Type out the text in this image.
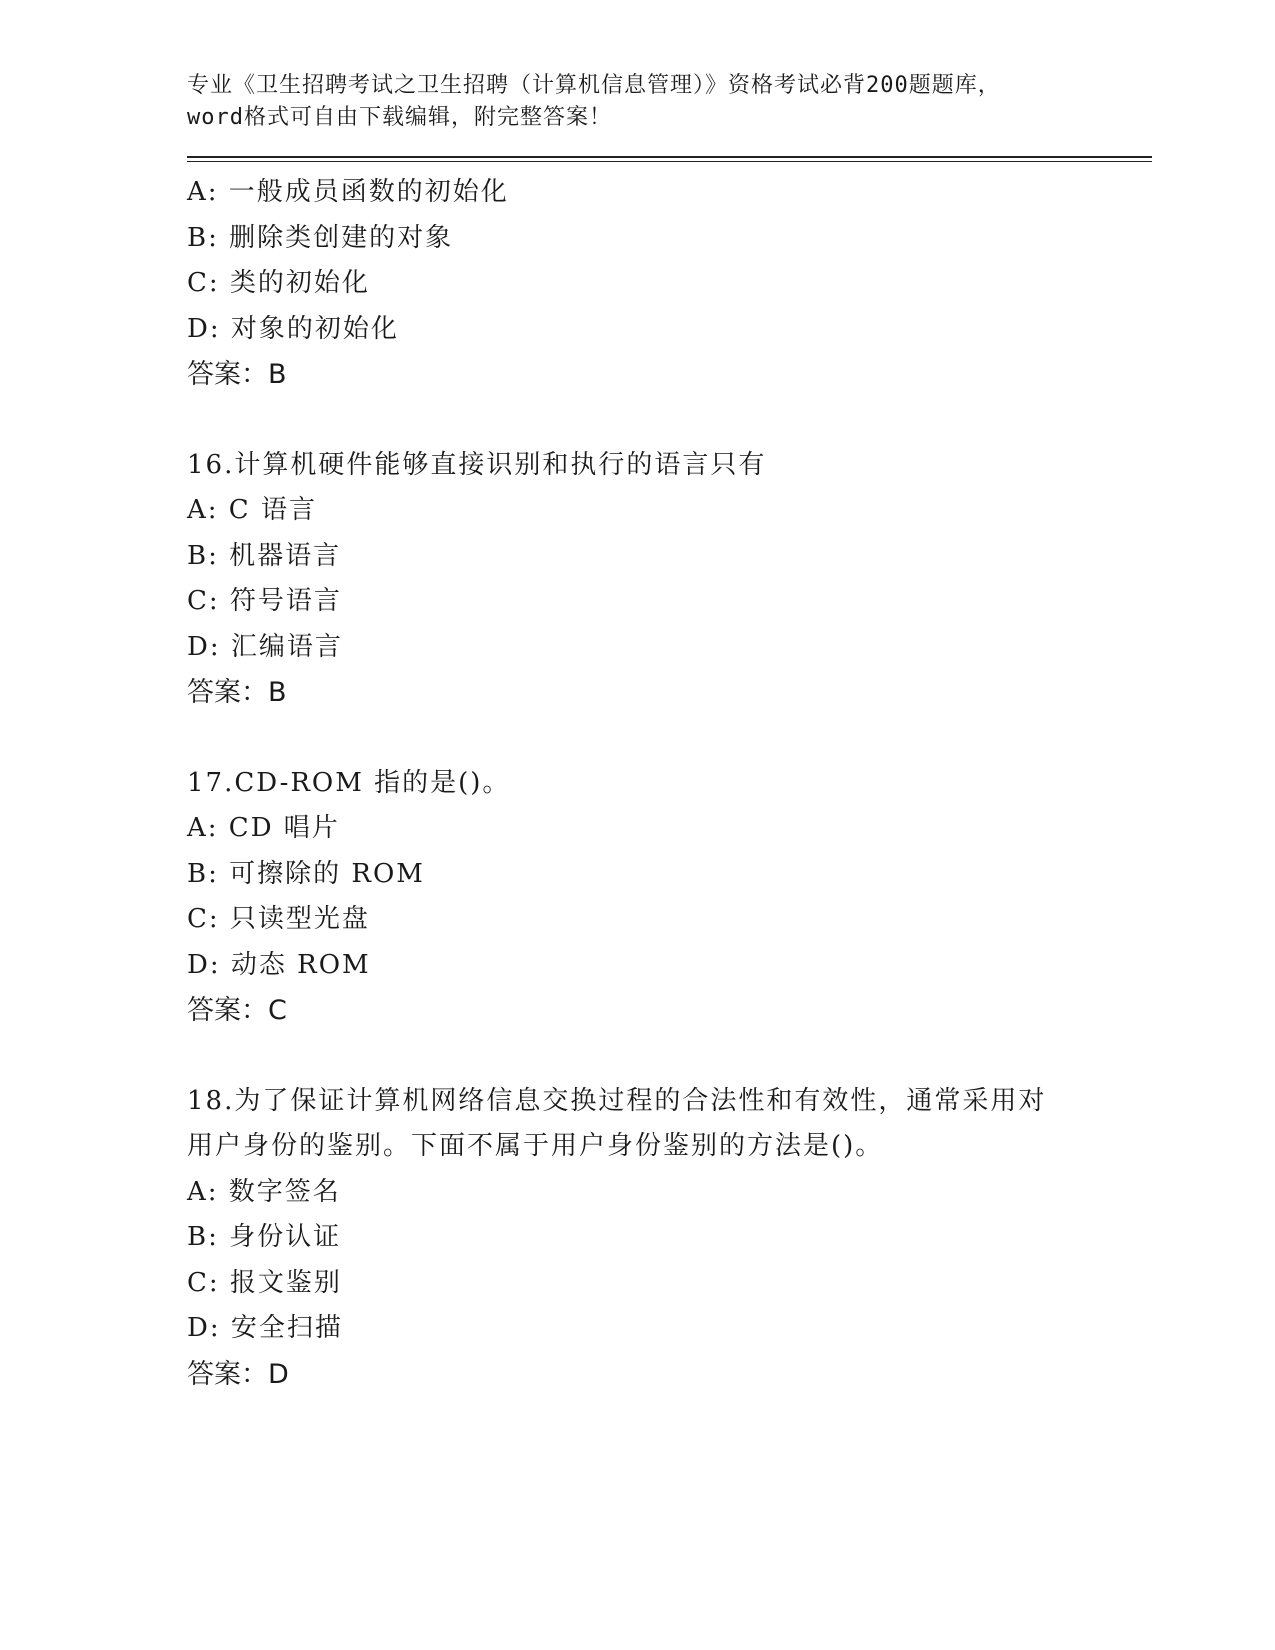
专业《卫生招聘考试之卫生招聘（计算机信息管理）》资格考试必背200题题库，
word格式可自由下载编辑，附完整答案！
A: 一般成员函数的初始化
B: 删除类创建的对象
C: 类的初始化
D: 对象的初始化
答案：B
16.计算机硬件能够直接识别和执行的语言只有
A: C 语言
B: 机器语言
C: 符号语言
D: 汇编语言
答案：B
17.CD-ROM 指的是()。
A: CD 唱片
B: 可擦除的 ROM
C: 只读型光盘
D: 动态 ROM
答案：C
18.为了保证计算机网络信息交换过程的合法性和有效性，通常采用对
用户身份的鉴别。下面不属于用户身份鉴别的方法是()。
A: 数字签名
B: 身份认证
C: 报文鉴别
D: 安全扫描
答案：D
